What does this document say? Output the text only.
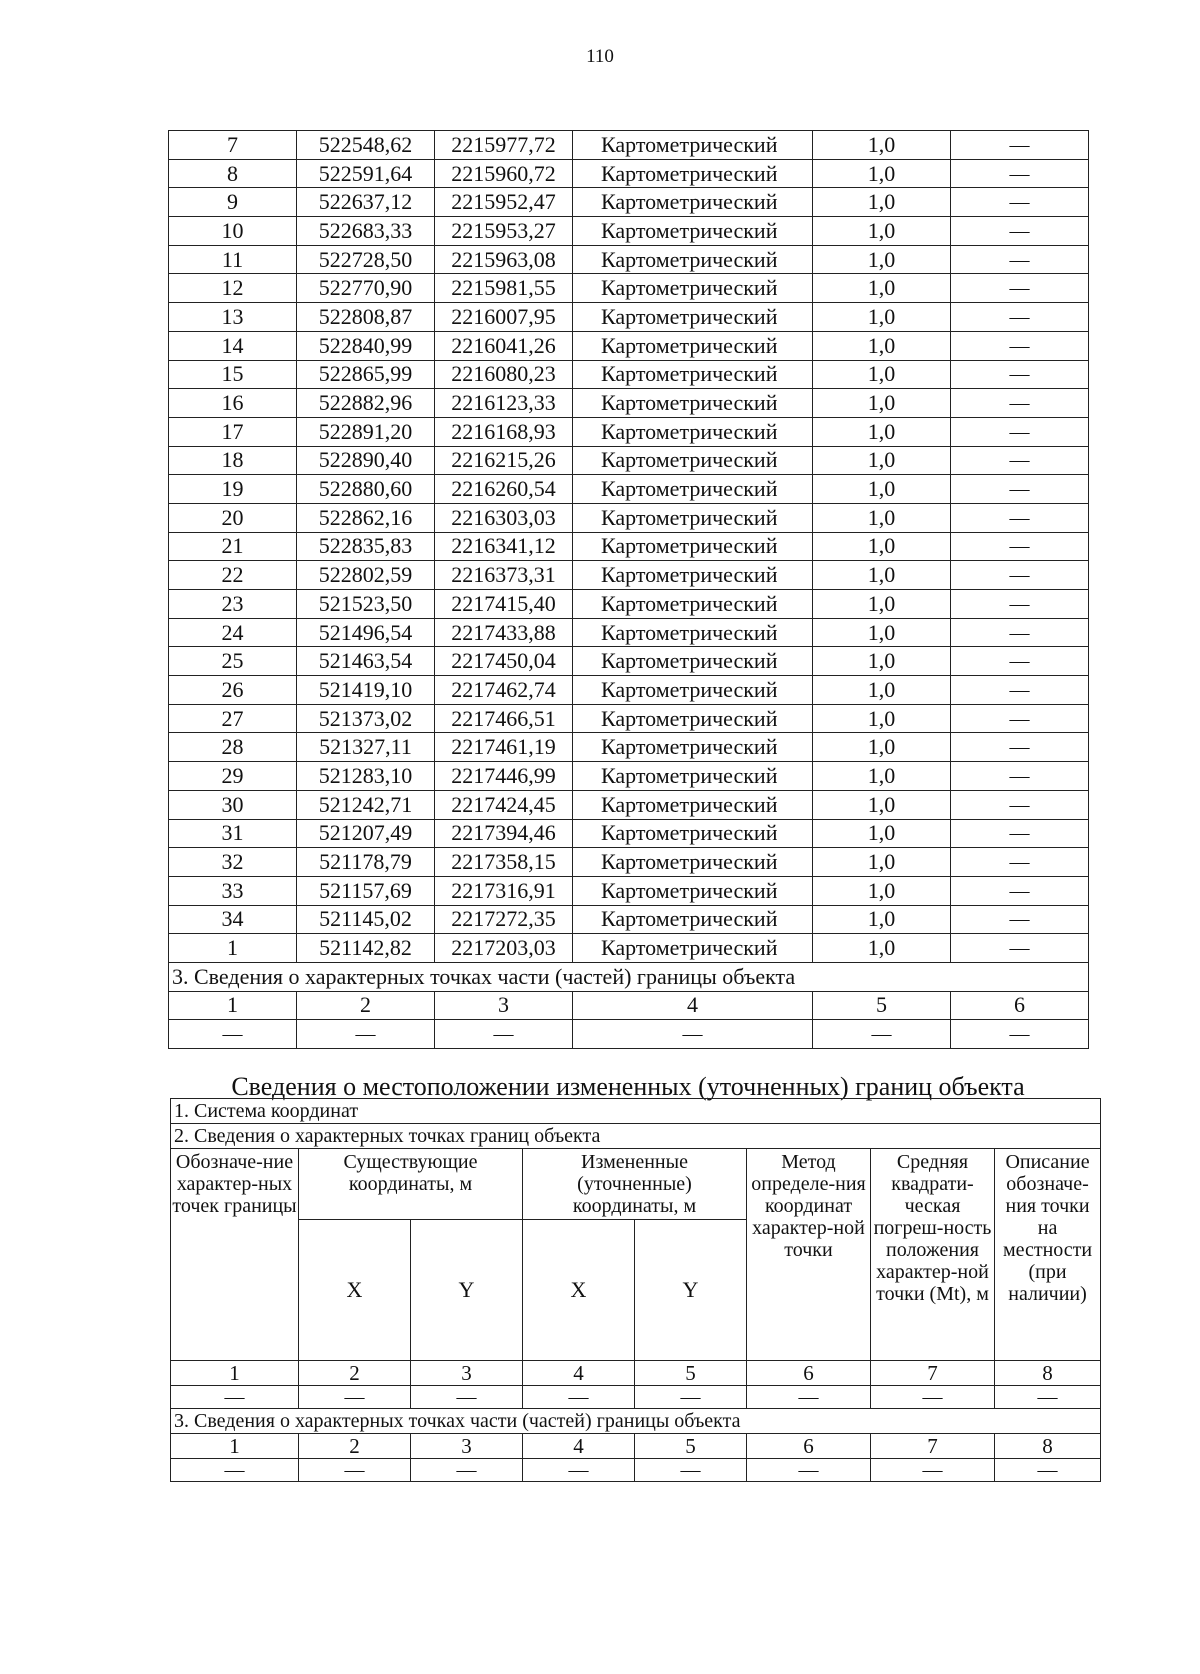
110
7	522548,62	2215977,72	Картометрический	1,0	—
8	522591,64	2215960,72	Картометрический	1,0	—
9	522637,12	2215952,47	Картометрический	1,0	—
10	522683,33	2215953,27	Картометрический	1,0	—
11	522728,50	2215963,08	Картометрический	1,0	—
12	522770,90	2215981,55	Картометрический	1,0	—
13	522808,87	2216007,95	Картометрический	1,0	—
14	522840,99	2216041,26	Картометрический	1,0	—
15	522865,99	2216080,23	Картометрический	1,0	—
16	522882,96	2216123,33	Картометрический	1,0	—
17	522891,20	2216168,93	Картометрический	1,0	—
18	522890,40	2216215,26	Картометрический	1,0	—
19	522880,60	2216260,54	Картометрический	1,0	—
20	522862,16	2216303,03	Картометрический	1,0	—
21	522835,83	2216341,12	Картометрический	1,0	—
22	522802,59	2216373,31	Картометрический	1,0	—
23	521523,50	2217415,40	Картометрический	1,0	—
24	521496,54	2217433,88	Картометрический	1,0	—
25	521463,54	2217450,04	Картометрический	1,0	—
26	521419,10	2217462,74	Картометрический	1,0	—
27	521373,02	2217466,51	Картометрический	1,0	—
28	521327,11	2217461,19	Картометрический	1,0	—
29	521283,10	2217446,99	Картометрический	1,0	—
30	521242,71	2217424,45	Картометрический	1,0	—
31	521207,49	2217394,46	Картометрический	1,0	—
32	521178,79	2217358,15	Картометрический	1,0	—
33	521157,69	2217316,91	Картометрический	1,0	—
34	521145,02	2217272,35	Картометрический	1,0	—
1	521142,82	2217203,03	Картометрический	1,0	—
3. Сведения о характерных точках части (частей) границы объекта					
1	2	3	4	5	6
—	—	—	—	—	—
Сведения о местоположении измененных (уточненных) границ объекта
1. Система координат							
2. Сведения о характерных точках границ объекта							
Обозначе-ние характер-ных точек границы	Существующие координаты, м		Измененные (уточненные) координаты, м		Метод определе-ния координат характер-ной точки	Средняя квадрати-ческая погреш-ность положения характер-ной точки (Mt), м	Описание обозначе-ния точки на местности (при наличии)
	X	Y	X	Y			
1	2	3	4	5	6	7	8
—	—	—	—	—	—	—	—
3. Сведения о характерных точках части (частей) границы объекта							
1	2	3	4	5	6	7	8
—	—	—	—	—	—	—	—
